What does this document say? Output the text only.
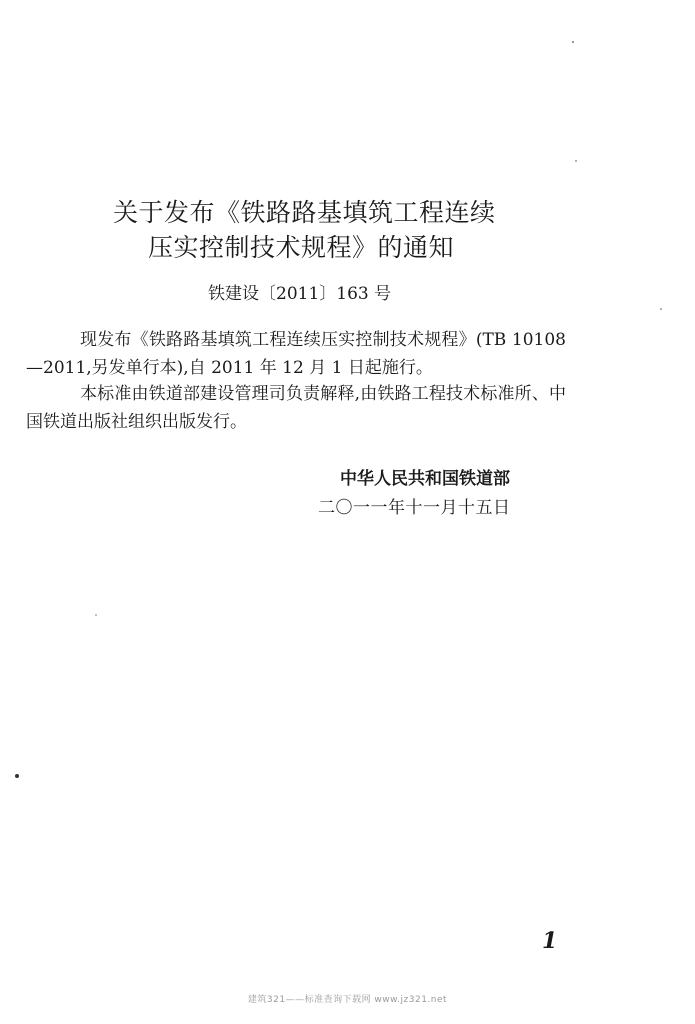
关于发布《铁路路基填筑工程连续
压实控制技术规程》的通知
铁建设〔2011〕163 号
现发布《铁路路基填筑工程连续压实控制技术规程》(TB 10108—2011,另发单行本),自 2011 年 12 月 1 日起施行。
本标准由铁道部建设管理司负责解释,由铁路工程技术标准所、中国铁道出版社组织出版发行。
中华人民共和国铁道部
二〇一一年十一月十五日
1
建筑321——标准查询下载网 www.jz321.net
